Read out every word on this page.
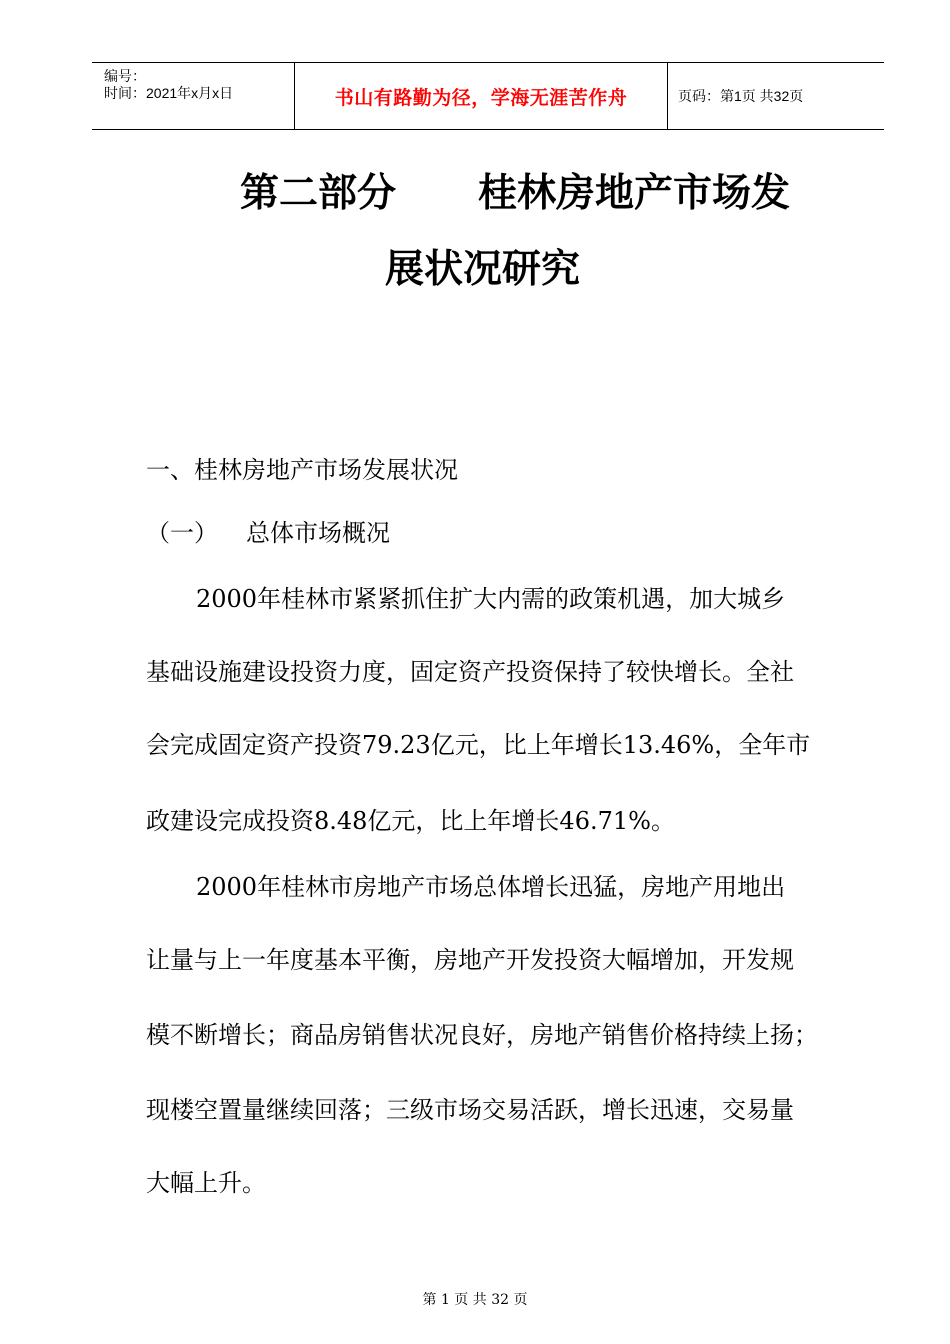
编号：
时间：2021年x月x日	书山有路勤为径，学海无涯苦作舟	页码：第1页 共32页
第二部分 桂林房地产市场发
展状况研究
一、桂林房地产市场发展状况
（一） 总体市场概况
2000年桂林市紧紧抓住扩大内需的政策机遇，加大城乡
基础设施建设投资力度，固定资产投资保持了较快增长。全社
会完成固定资产投资79.23亿元，比上年增长13.46%，全年市
政建设完成投资8.48亿元，比上年增长46.71%。
2000年桂林市房地产市场总体增长迅猛，房地产用地出
让量与上一年度基本平衡，房地产开发投资大幅增加，开发规
模不断增长；商品房销售状况良好，房地产销售价格持续上扬；
现楼空置量继续回落；三级市场交易活跃，增长迅速，交易量
大幅上升。
第 1 页 共 32 页
